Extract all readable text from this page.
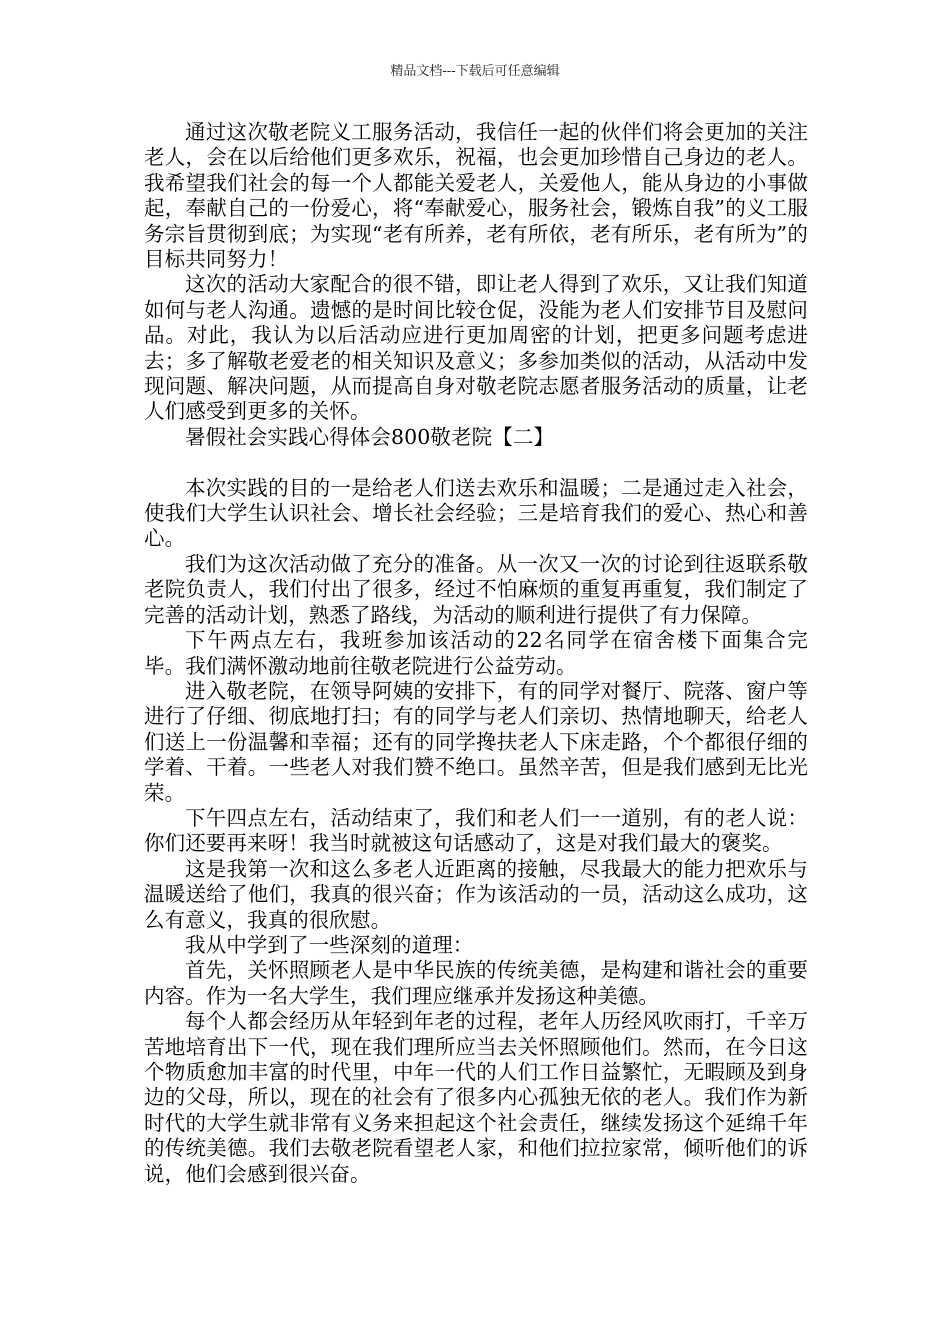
精品文档---下载后可任意编辑

通过这次敬老院义工服务活动，我信任一起的伙伴们将会更加的关注老人，会在以后给他们更多欢乐，祝福，也会更加珍惜自己身边的老人。我希望我们社会的每一个人都能关爱老人，关爱他人，能从身边的小事做起，奉献自己的一份爱心，将“奉献爱心，服务社会，锻炼自我”的义工服务宗旨贯彻到底；为实现“老有所养，老有所依，老有所乐，老有所为”的目标共同努力！

这次的活动大家配合的很不错，即让老人得到了欢乐，又让我们知道如何与老人沟通。遗憾的是时间比较仓促，没能为老人们安排节目及慰问品。对此，我认为以后活动应进行更加周密的计划，把更多问题考虑进去；多了解敬老爱老的相关知识及意义；多参加类似的活动，从活动中发现问题、解决问题，从而提高自身对敬老院志愿者服务活动的质量，让老人们感受到更多的关怀。

暑假社会实践心得体会800敬老院【二】

本次实践的目的一是给老人们送去欢乐和温暖；二是通过走入社会，使我们大学生认识社会、增长社会经验；三是培育我们的爱心、热心和善心。

我们为这次活动做了充分的准备。从一次又一次的讨论到往返联系敬老院负责人，我们付出了很多，经过不怕麻烦的重复再重复，我们制定了完善的活动计划，熟悉了路线，为活动的顺利进行提供了有力保障。

下午两点左右，我班参加该活动的22名同学在宿舍楼下面集合完毕。我们满怀激动地前往敬老院进行公益劳动。

进入敬老院，在领导阿姨的安排下，有的同学对餐厅、院落、窗户等进行了仔细、彻底地打扫；有的同学与老人们亲切、热情地聊天，给老人们送上一份温馨和幸福；还有的同学搀扶老人下床走路，个个都很仔细的学着、干着。一些老人对我们赞不绝口。虽然辛苦，但是我们感到无比光荣。

下午四点左右，活动结束了，我们和老人们一一道别，有的老人说：你们还要再来呀！我当时就被这句话感动了，这是对我们最大的褒奖。

这是我第一次和这么多老人近距离的接触，尽我最大的能力把欢乐与温暖送给了他们，我真的很兴奋；作为该活动的一员，活动这么成功，这么有意义，我真的很欣慰。

我从中学到了一些深刻的道理：

首先，关怀照顾老人是中华民族的传统美德，是构建和谐社会的重要内容。作为一名大学生，我们理应继承并发扬这种美德。

每个人都会经历从年轻到年老的过程，老年人历经风吹雨打，千辛万苦地培育出下一代，现在我们理所应当去关怀照顾他们。然而，在今日这个物质愈加丰富的时代里，中年一代的人们工作日益繁忙，无暇顾及到身边的父母，所以，现在的社会有了很多内心孤独无依的老人。我们作为新时代的大学生就非常有义务来担起这个社会责任，继续发扬这个延绵千年的传统美德。我们去敬老院看望老人家，和他们拉拉家常，倾听他们的诉说，他们会感到很兴奋。
